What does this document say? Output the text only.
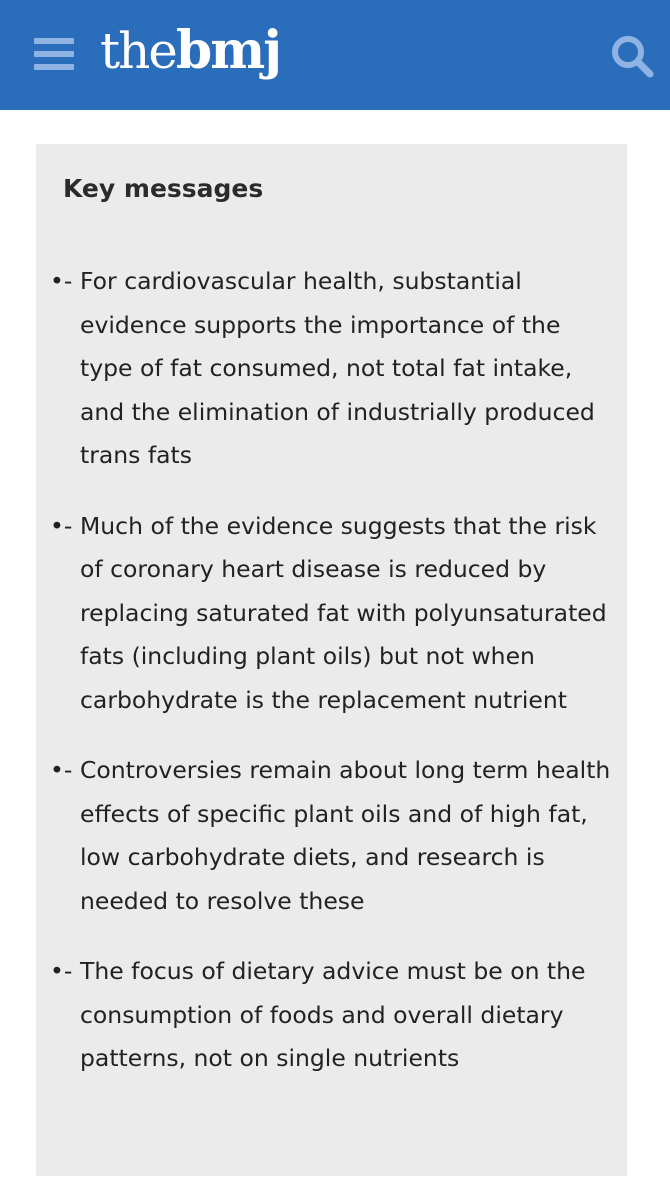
the bmj
Key messages
•- For cardiovascular health, substantial evidence supports the importance of the type of fat consumed, not total fat intake, and the elimination of industrially produced trans fats
•- Much of the evidence suggests that the risk of coronary heart disease is reduced by replacing saturated fat with polyunsaturated fats (including plant oils) but not when carbohydrate is the replacement nutrient
•- Controversies remain about long term health effects of specific plant oils and of high fat, low carbohydrate diets, and research is needed to resolve these
•- The focus of dietary advice must be on the consumption of foods and overall dietary patterns, not on single nutrients
